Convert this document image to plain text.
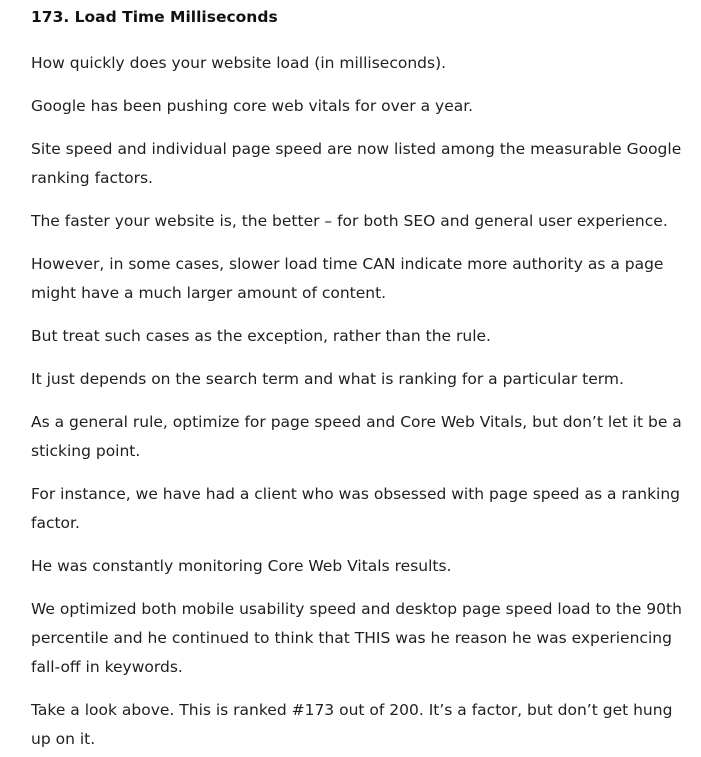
173. Load Time Milliseconds

How quickly does your website load (in milliseconds).

Google has been pushing core web vitals for over a year.

Site speed and individual page speed are now listed among the measurable Google ranking factors.

The faster your website is, the better – for both SEO and general user experience.

However, in some cases, slower load time CAN indicate more authority as a page might have a much larger amount of content.

But treat such cases as the exception, rather than the rule.

It just depends on the search term and what is ranking for a particular term.

As a general rule, optimize for page speed and Core Web Vitals, but don’t let it be a sticking point.

For instance, we have had a client who was obsessed with page speed as a ranking factor.

He was constantly monitoring Core Web Vitals results.

We optimized both mobile usability speed and desktop page speed load to the 90th percentile and he continued to think that THIS was he reason he was experiencing fall-off in keywords.

Take a look above. This is ranked #173 out of 200. It’s a factor, but don’t get hung up on it.
